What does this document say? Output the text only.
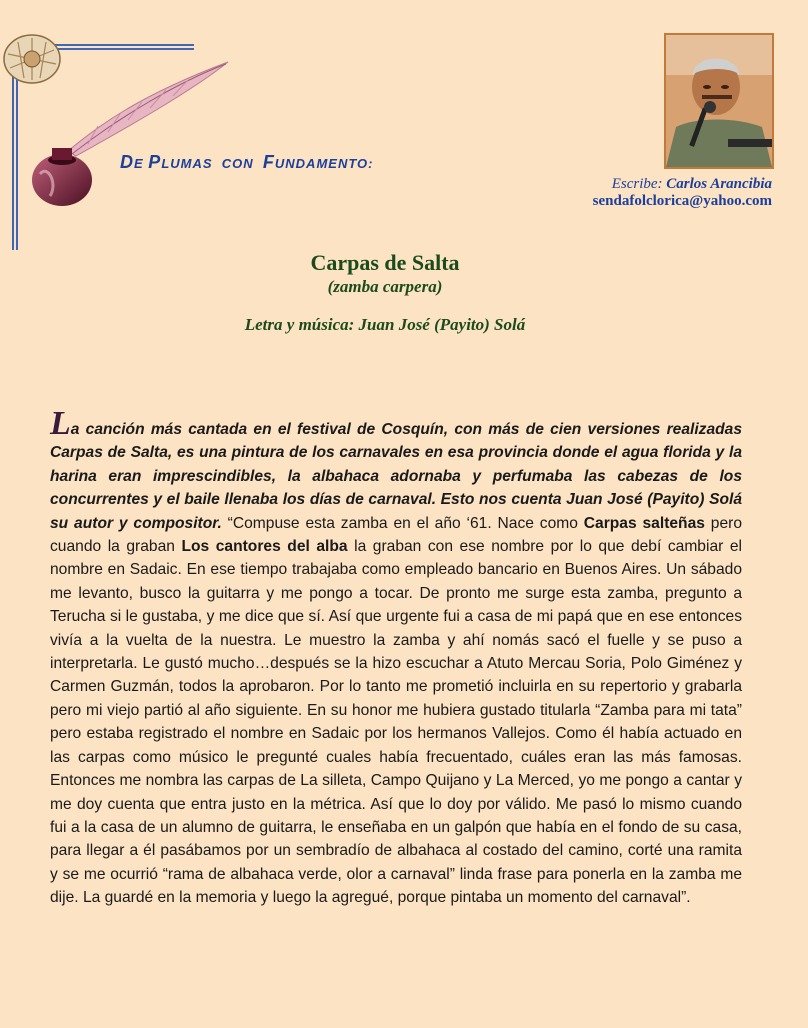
DE PLUMAS  CON  FUNDAMENTO:
Escribe: Carlos Arancibia
sendafolclorica@yahoo.com
Carpas de Salta
(zamba carpera)
Letra y música: Juan José (Payito) Solá
La canción más cantada en el festival de Cosquín, con más de cien versiones realizadas Carpas de Salta, es una pintura de los carnavales en esa provincia donde el agua florida y la harina eran imprescindibles, la albahaca adornaba y perfumaba las cabezas de los concurrentes y el baile llenaba los días de carnaval. Esto nos cuenta Juan José (Payito) Solá su autor y compositor. “Compuse esta zamba en el año ‘61. Nace como Carpas salteñas pero cuando la graban Los cantores del alba la graban con ese nombre por lo que debí cambiar el nombre en Sadaic. En ese tiempo trabajaba como empleado bancario en Buenos Aires. Un sábado me levanto, busco la guitarra y me pongo a tocar. De pronto me surge esta zamba, pregunto a Terucha si le gustaba, y me dice que sí. Así que urgente fui a casa de mi papá que en ese entonces vivía a la vuelta de la nuestra. Le muestro la zamba y ahí nomás sacó el fuelle y se puso a interpretarla. Le gustó mucho…después se la hizo escuchar a Atuto Mercau Soria, Polo Giménez y Carmen Guzmán, todos la aprobaron. Por lo tanto me prometió incluirla en su repertorio y grabarla pero mi viejo partió al año siguiente. En su honor me hubiera gustado titularla “Zamba para mi tata” pero estaba registrado el nombre en Sadaic por los hermanos Vallejos. Como él había actuado en las carpas como músico le pregunté cuales había frecuentado, cuáles eran las más famosas. Entonces me nombra las carpas de La silleta, Campo Quijano y La Merced, yo me pongo a cantar y me doy cuenta que entra justo en la métrica. Así que lo doy por válido. Me pasó lo mismo cuando fui a la casa de un alumno de guitarra, le enseñaba en un galpón que había en el fondo de su casa, para llegar a él pasábamos por un sembradío de albahaca al costado del camino, corté una ramita y se me ocurrió “rama de albahaca verde, olor a carnaval” linda frase para ponerla en la zamba me dije. La guardé en la memoria y luego la agregué, porque pintaba un momento del carnaval”.
